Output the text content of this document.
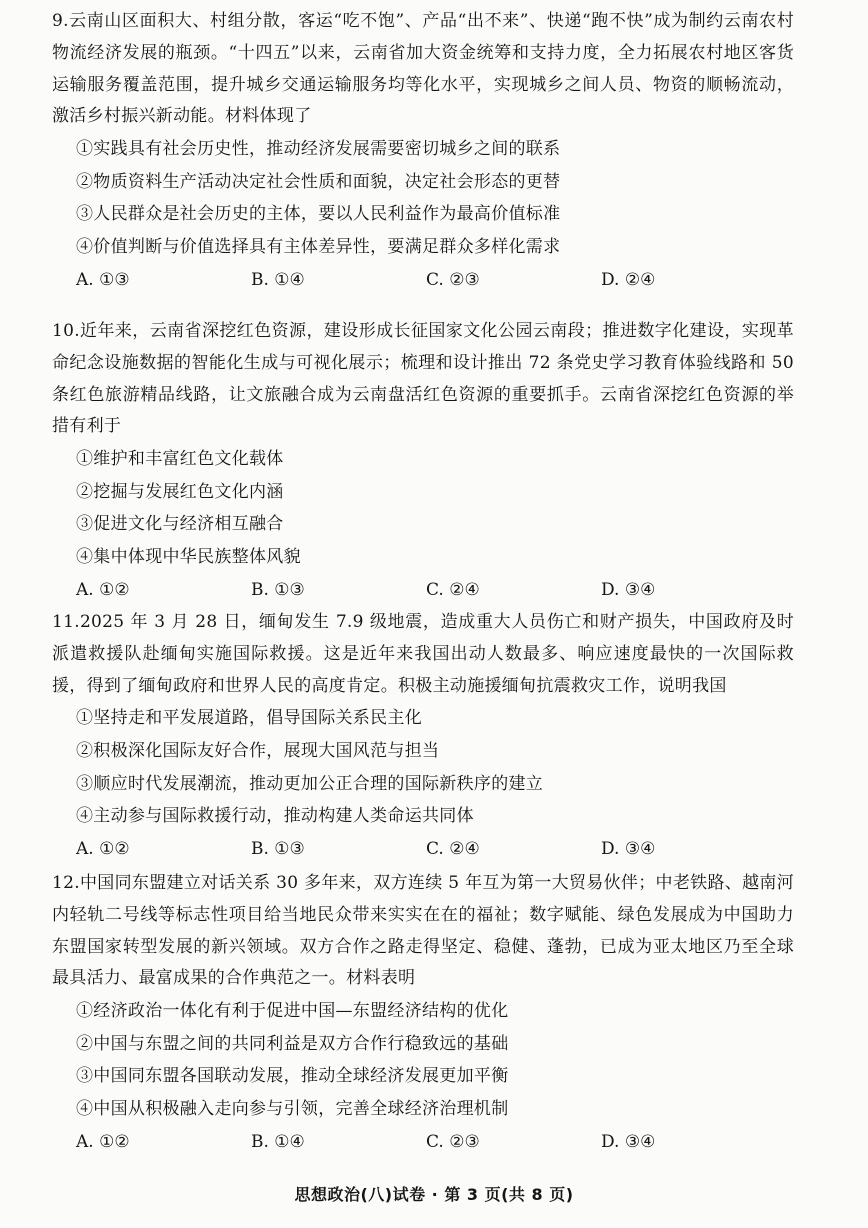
9.云南山区面积大、村组分散，客运“吃不饱”、产品“出不来”、快递“跑不快”成为制约云南农村物流经济发展的瓶颈。“十四五”以来，云南省加大资金统筹和支持力度，全力拓展农村地区客货运输服务覆盖范围，提升城乡交通运输服务均等化水平，实现城乡之间人员、物资的顺畅流动，激活乡村振兴新动能。材料体现了
①实践具有社会历史性，推动经济发展需要密切城乡之间的联系
②物质资料生产活动决定社会性质和面貌，决定社会形态的更替
③人民群众是社会历史的主体，要以人民利益作为最高价值标准
④价值判断与价值选择具有主体差异性，要满足群众多样化需求
A. ①③	B. ①④	C. ②③	D. ②④
10.近年来，云南省深挖红色资源，建设形成长征国家文化公园云南段；推进数字化建设，实现革命纪念设施数据的智能化生成与可视化展示；梳理和设计推出 72 条党史学习教育体验线路和 50 条红色旅游精品线路，让文旅融合成为云南盘活红色资源的重要抓手。云南省深挖红色资源的举措有利于
①维护和丰富红色文化载体
②挖掘与发展红色文化内涵
③促进文化与经济相互融合
④集中体现中华民族整体风貌
A. ①②	B. ①③	C. ②④	D. ③④
11.2025 年 3 月 28 日，缅甸发生 7.9 级地震，造成重大人员伤亡和财产损失，中国政府及时派遣救援队赴缅甸实施国际救援。这是近年来我国出动人数最多、响应速度最快的一次国际救援，得到了缅甸政府和世界人民的高度肯定。积极主动施援缅甸抗震救灾工作，说明我国
①坚持走和平发展道路，倡导国际关系民主化
②积极深化国际友好合作，展现大国风范与担当
③顺应时代发展潮流，推动更加公正合理的国际新秩序的建立
④主动参与国际救援行动，推动构建人类命运共同体
A. ①②	B. ①③	C. ②④	D. ③④
12.中国同东盟建立对话关系 30 多年来，双方连续 5 年互为第一大贸易伙伴；中老铁路、越南河内轻轨二号线等标志性项目给当地民众带来实实在在的福祉；数字赋能、绿色发展成为中国助力东盟国家转型发展的新兴领域。双方合作之路走得坚定、稳健、蓬勃，已成为亚太地区乃至全球最具活力、最富成果的合作典范之一。材料表明
①经济政治一体化有利于促进中国—东盟经济结构的优化
②中国与东盟之间的共同利益是双方合作行稳致远的基础
③中国同东盟各国联动发展，推动全球经济发展更加平衡
④中国从积极融入走向参与引领，完善全球经济治理机制
A. ①②	B. ①④	C. ②③	D. ③④
思想政治(八)试卷 · 第 3 页(共 8 页)
